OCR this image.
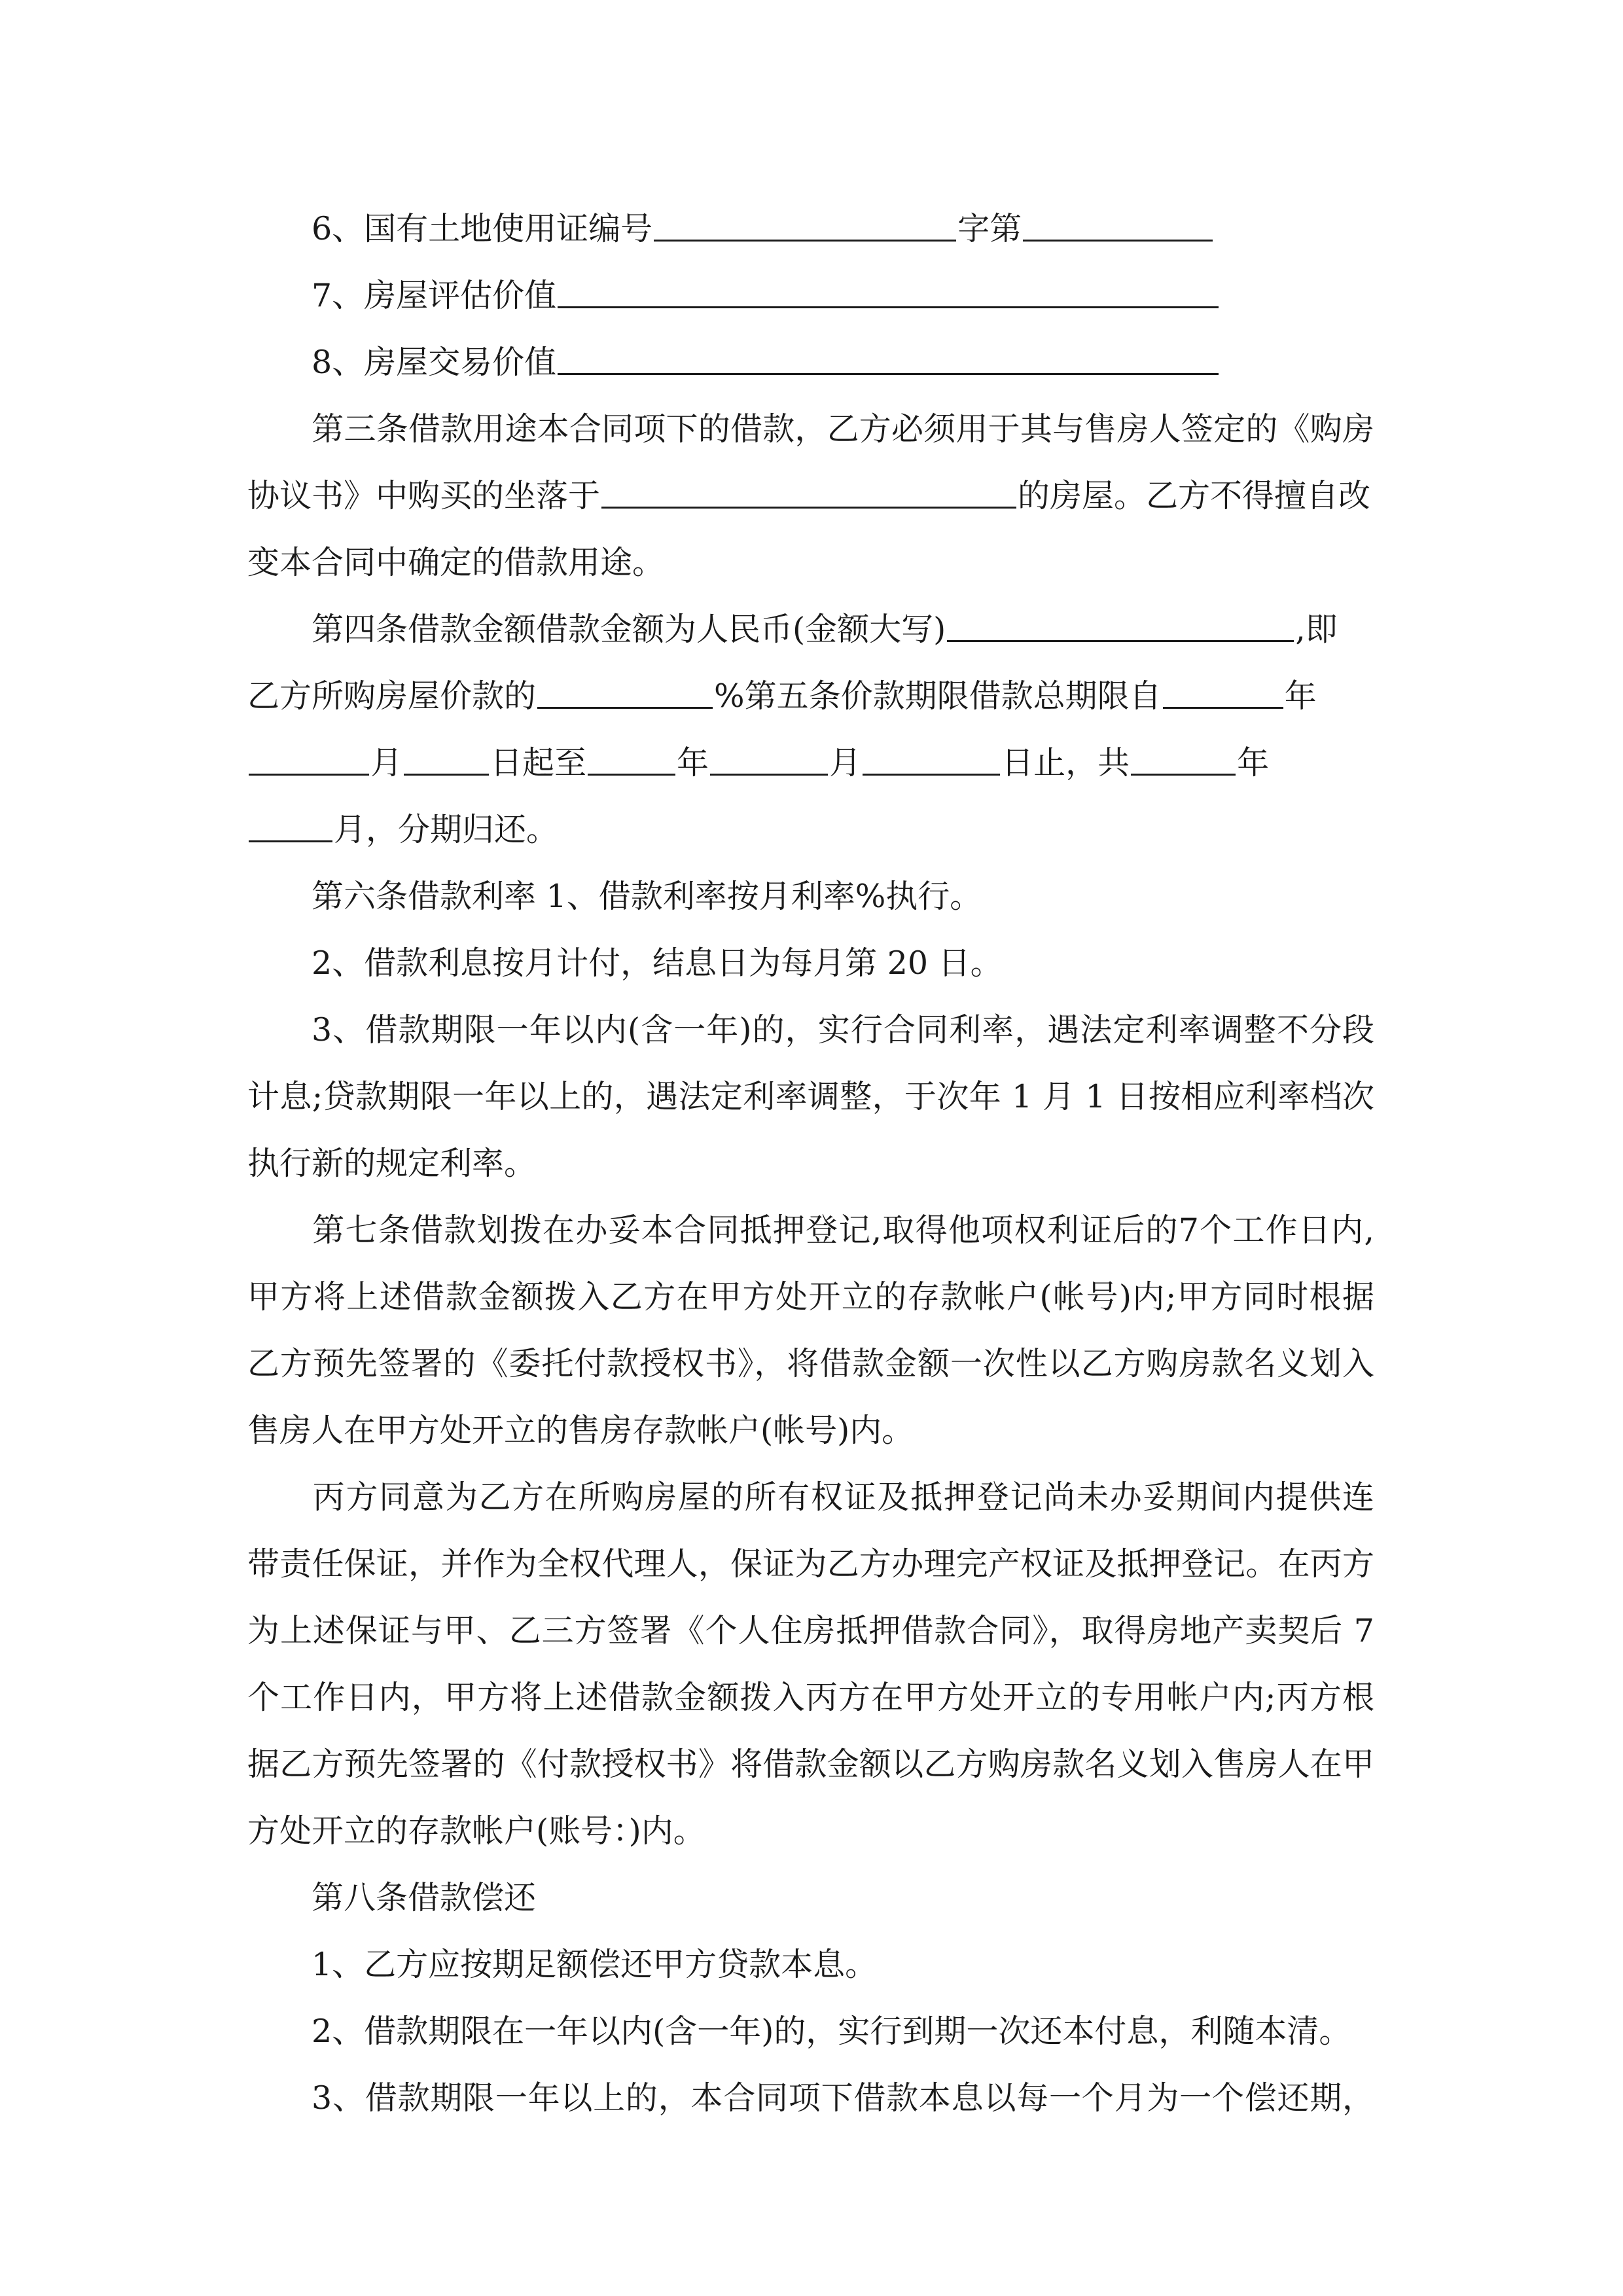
6、国有土地使用证编号	字第
7、房屋评估价值
8、房屋交易价值
第三条借款用途本合同项下的借款，乙方必须用于其与售房人签定的《购房
协议书》中购买的坐落于	的房屋。乙方不得擅自改
变本合同中确定的借款用途。
第四条借款金额借款金额为人民币(金额大写)	,即
乙方所购房屋价款的	%第五条价款期限借款总期限自	年
月	日起至	年	月	日止，共	年
月，分期归还。
第六条借款利率 1、借款利率按月利率%执行。
2、借款利息按月计付，结息日为每月第 20 日。
3、借款期限一年以内(含一年)的，实行合同利率，遇法定利率调整不分段
计息;贷款期限一年以上的，遇法定利率调整，于次年 1 月 1 日按相应利率档次
执行新的规定利率。
第七条借款划拨在办妥本合同抵押登记,取得他项权利证后的7个工作日内,
甲方将上述借款金额拨入乙方在甲方处开立的存款帐户(帐号)内;甲方同时根据
乙方预先签署的《委托付款授权书》，将借款金额一次性以乙方购房款名义划入
售房人在甲方处开立的售房存款帐户(帐号)内。
丙方同意为乙方在所购房屋的所有权证及抵押登记尚未办妥期间内提供连
带责任保证，并作为全权代理人，保证为乙方办理完产权证及抵押登记。在丙方
为上述保证与甲、乙三方签署《个人住房抵押借款合同》，取得房地产卖契后 7
个工作日内，甲方将上述借款金额拨入丙方在甲方处开立的专用帐户内;丙方根
据乙方预先签署的《付款授权书》将借款金额以乙方购房款名义划入售房人在甲
方处开立的存款帐户(账号：)内。
第八条借款偿还
1、乙方应按期足额偿还甲方贷款本息。
2、借款期限在一年以内(含一年)的，实行到期一次还本付息，利随本清。
3、借款期限一年以上的，本合同项下借款本息以每一个月为一个偿还期，
